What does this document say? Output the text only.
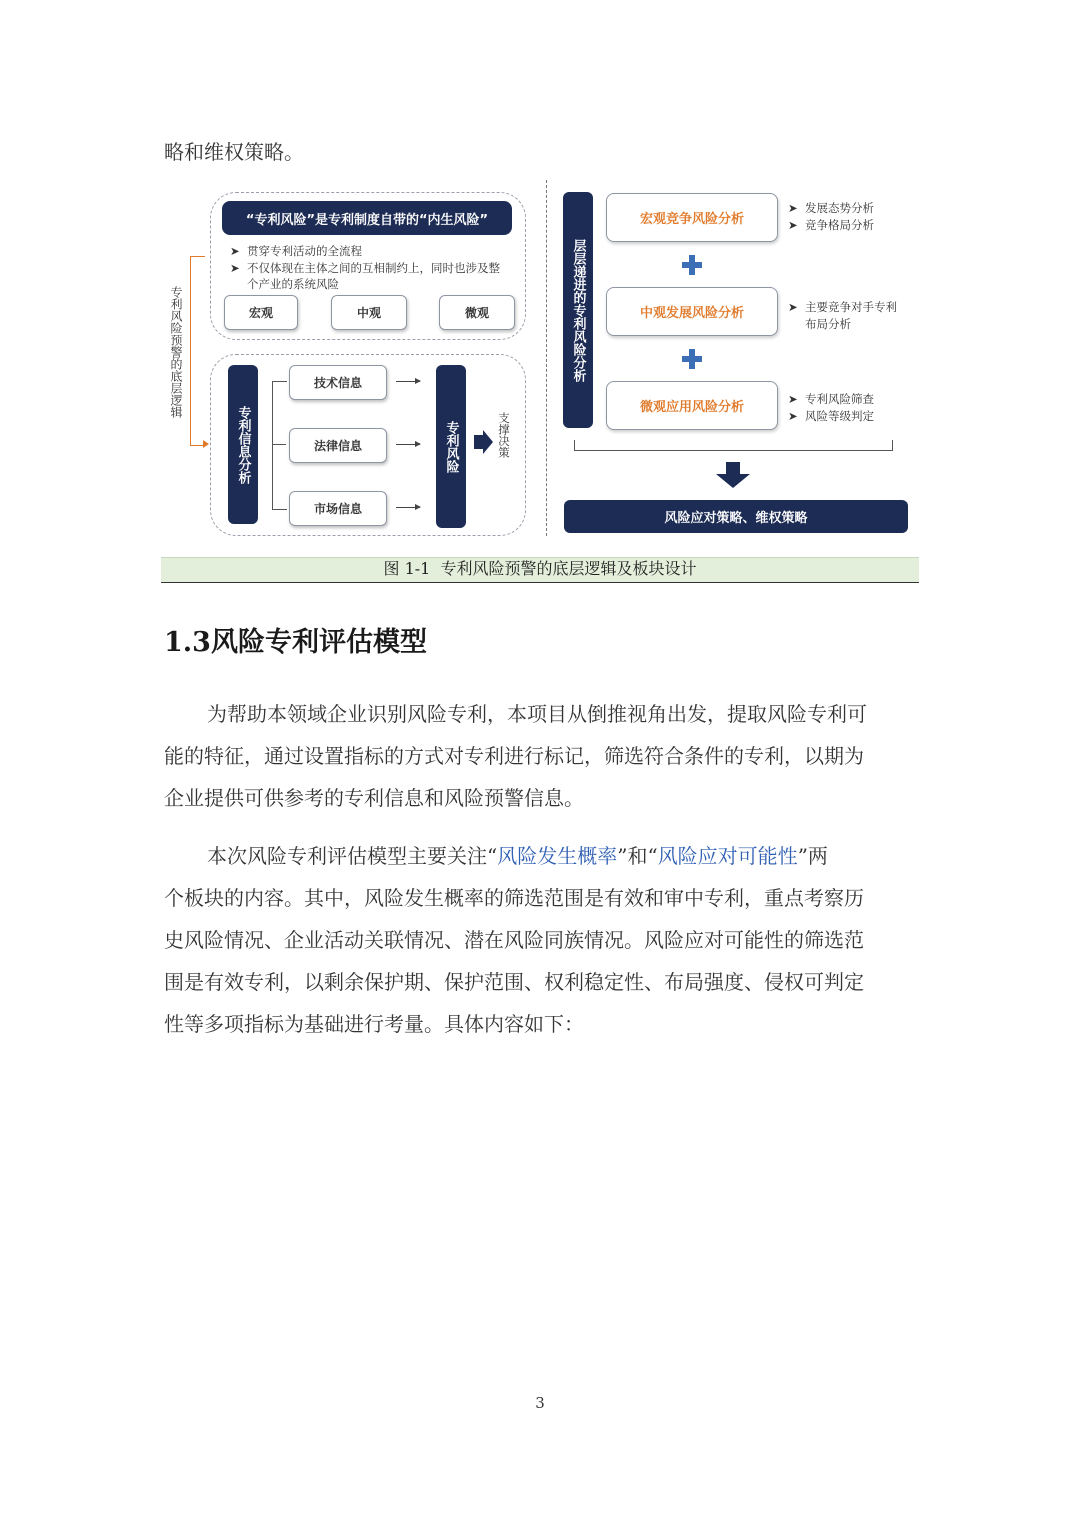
略和维权策略。
专利风险预警的底层逻辑
“专利风险”是专利制度自带的“内生风险”
➤  贯穿专利活动的全流程
➤  不仅体现在主体之间的互相制约上，同时也涉及整
个产业的系统风险
宏观	中观	微观
专利信息分析
技术信息
法律信息
市场信息
专利风险	支撑决策
层层递进的专利风险分析
宏观竞争风险分析
中观发展风险分析
微观应用风险分析
➤  发展态势分析
➤  竞争格局分析
➤  主要竞争对手专利
布局分析
➤  专利风险筛查
➤  风险等级判定
风险应对策略、维权策略
图 1-1  专利风险预警的底层逻辑及板块设计
1.3风险专利评估模型
为帮助本领域企业识别风险专利，本项目从倒推视角出发，提取风险专利可
能的特征，通过设置指标的方式对专利进行标记，筛选符合条件的专利，以期为
企业提供可供参考的专利信息和风险预警信息。
本次风险专利评估模型主要关注“风险发生概率”和“风险应对可能性”两
个板块的内容。其中，风险发生概率的筛选范围是有效和审中专利，重点考察历
史风险情况、企业活动关联情况、潜在风险同族情况。风险应对可能性的筛选范
围是有效专利，以剩余保护期、保护范围、权利稳定性、布局强度、侵权可判定
性等多项指标为基础进行考量。具体内容如下：
3
